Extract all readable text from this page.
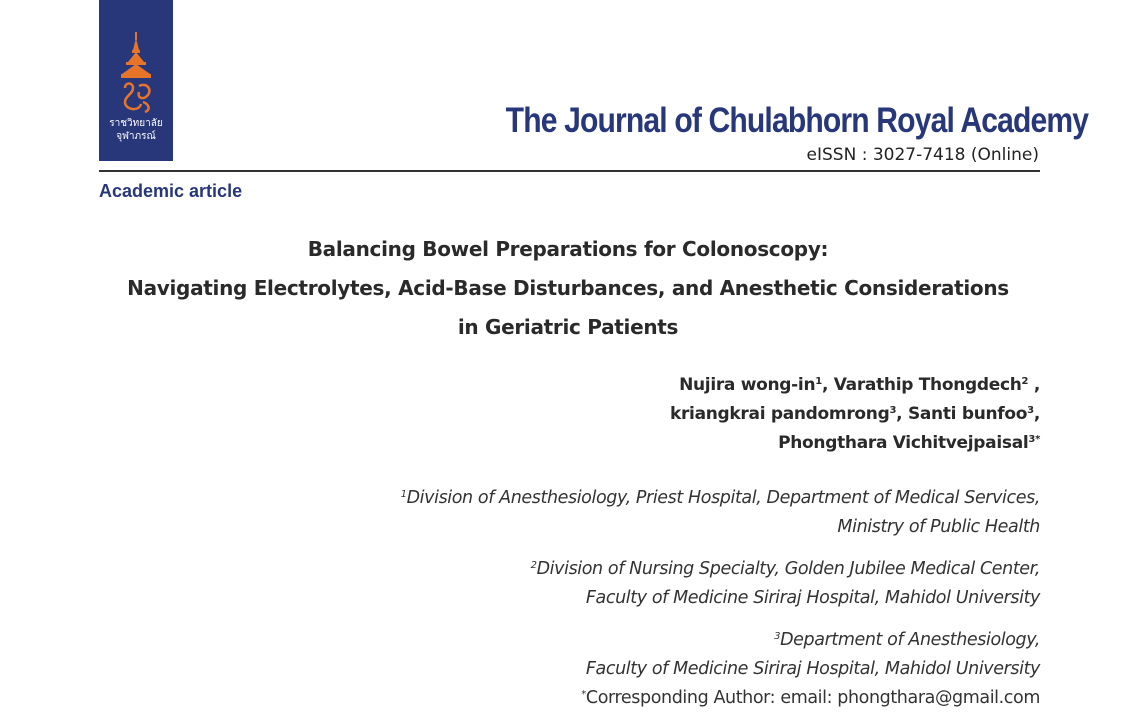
ราชวิทยาลัย
จุฬาภรณ์	The Journal of Chulabhorn Royal Academy
eISSN : 3027-7418 (Online)
Academic article
Balancing Bowel Preparations for Colonoscopy:
Navigating Electrolytes, Acid-Base Disturbances, and Anesthetic Considerations
in Geriatric Patients
Nujira wong-$in^1$, Varathip Thongdech$^2$ ,
kriangkrai pandomrong$^3$, Santi bunfoo$^3$,
Phongthara Vichitvejpaisal$^{3*}$
$^1$Division of Anesthesiology, Priest Hospital, Department of Medical Services,
Ministry of Public Health
$^2$Division of Nursing Specialty, Golden Jubilee Medical Center,
Faculty of Medicine Siriraj Hospital, Mahidol University
$^3$Department of Anesthesiology,
Faculty of Medicine Siriraj Hospital, Mahidol University
*Corresponding Author: email: phongthara@gmail.com
